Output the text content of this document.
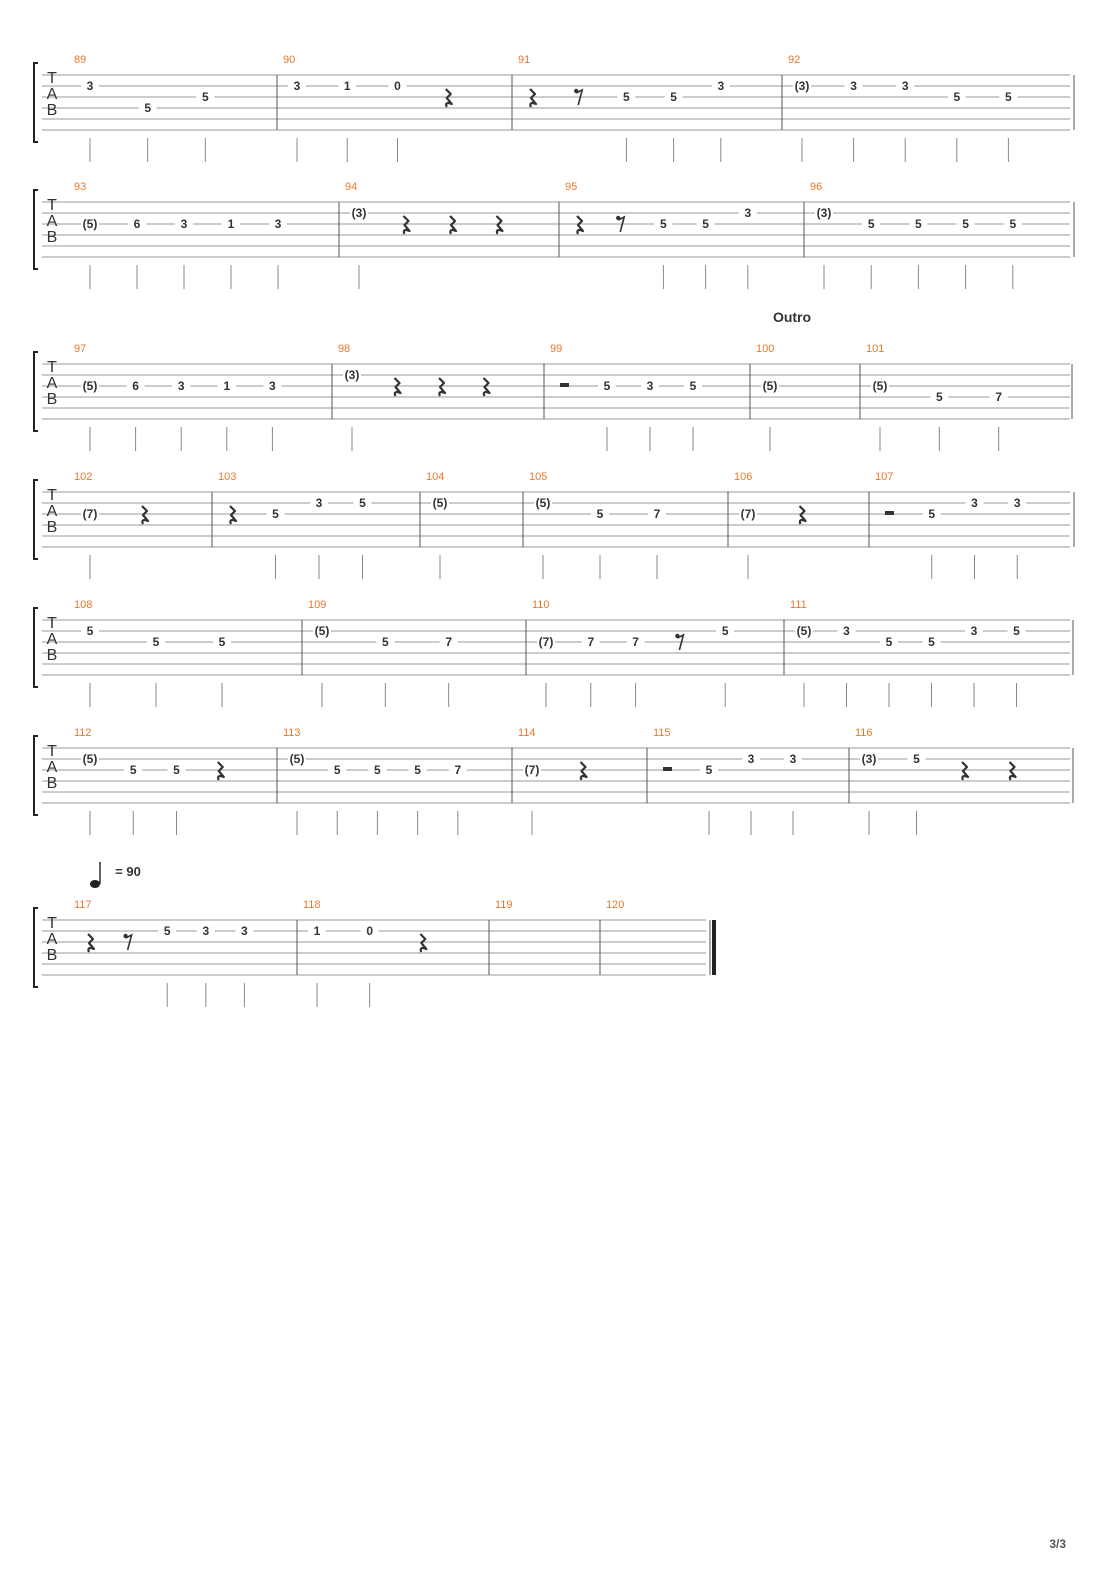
T
A
B
89
3
5
5
90
3	1	0
91
5	5
3
92
(3)	3	3
5	5
T
A
B
93
(5)	6	3	1	3
94
(3)
95
5	5
3
96
(3)
5	5	5	5
T
A
B
97
(5)	6	3	1	3
98
(3)
99
5	3	5
100
Outro
(5)
101
(5)
5	7
T
A
B
102
(7)
103
5
3	5
104
(5)
105
(5)
5	7
106
(7)
107
5
3	3
T
A
B
108
5
5	5
109
(5)
5	7
110
(7)	7	7
5
111
(5)	3
5	5
3	5
T
A
B
112
(5)
5	5
113
(5)
5	5	5	7
114
(7)
115
5
3	3
116
(3)	5
T
A
B
117
5	3	3
118
1	0
119	120
= 90
3/3
